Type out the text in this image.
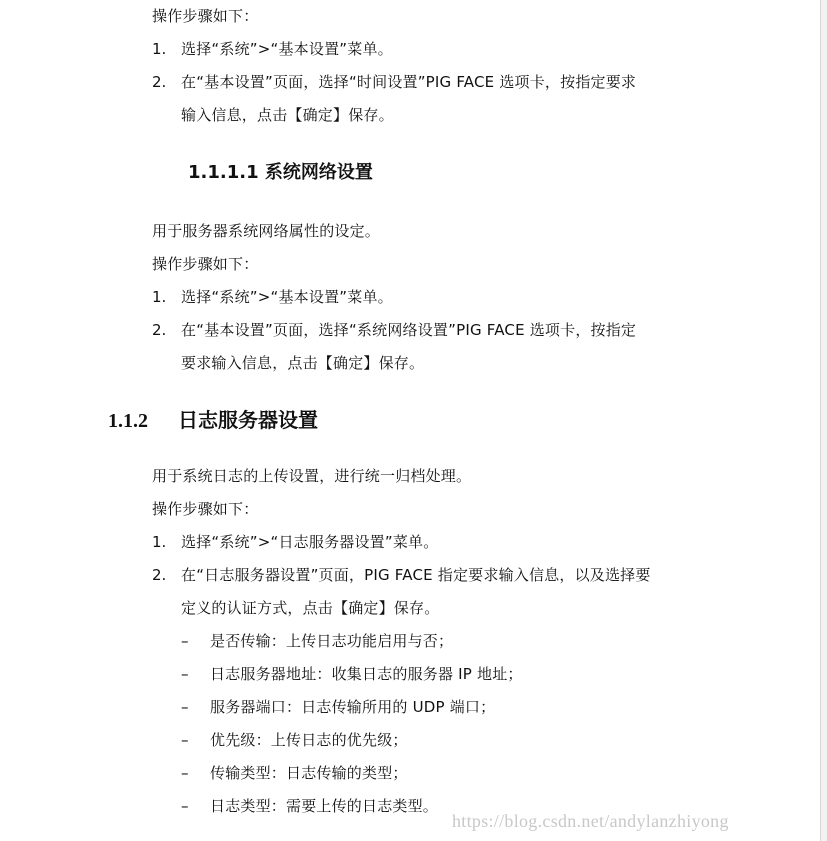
操作步骤如下：
1. 选择“系统”>“基本设置”菜单。
2. 在“基本设置”页面，选择“时间设置”PIG FACE 选项卡，按指定要求
输入信息，点击【确定】保存。
1.1.1.1 系统网络设置
用于服务器系统网络属性的设定。
操作步骤如下：
1. 选择“系统”>“基本设置”菜单。
2. 在“基本设置”页面，选择“系统网络设置”PIG FACE 选项卡，按指定
要求输入信息，点击【确定】保存。
1.1.2 日志服务器设置
用于系统日志的上传设置，进行统一归档处理。
操作步骤如下：
1. 选择“系统”>“日志服务器设置”菜单。
2. 在“日志服务器设置”页面，PIG FACE 指定要求输入信息，以及选择要
定义的认证方式，点击【确定】保存。
– 是否传输：上传日志功能启用与否；
– 日志服务器地址：收集日志的服务器 IP 地址；
– 服务器端口：日志传输所用的 UDP 端口；
– 优先级：上传日志的优先级；
– 传输类型：日志传输的类型；
– 日志类型：需要上传的日志类型。
https://blog.csdn.net/andylanzhiyong
